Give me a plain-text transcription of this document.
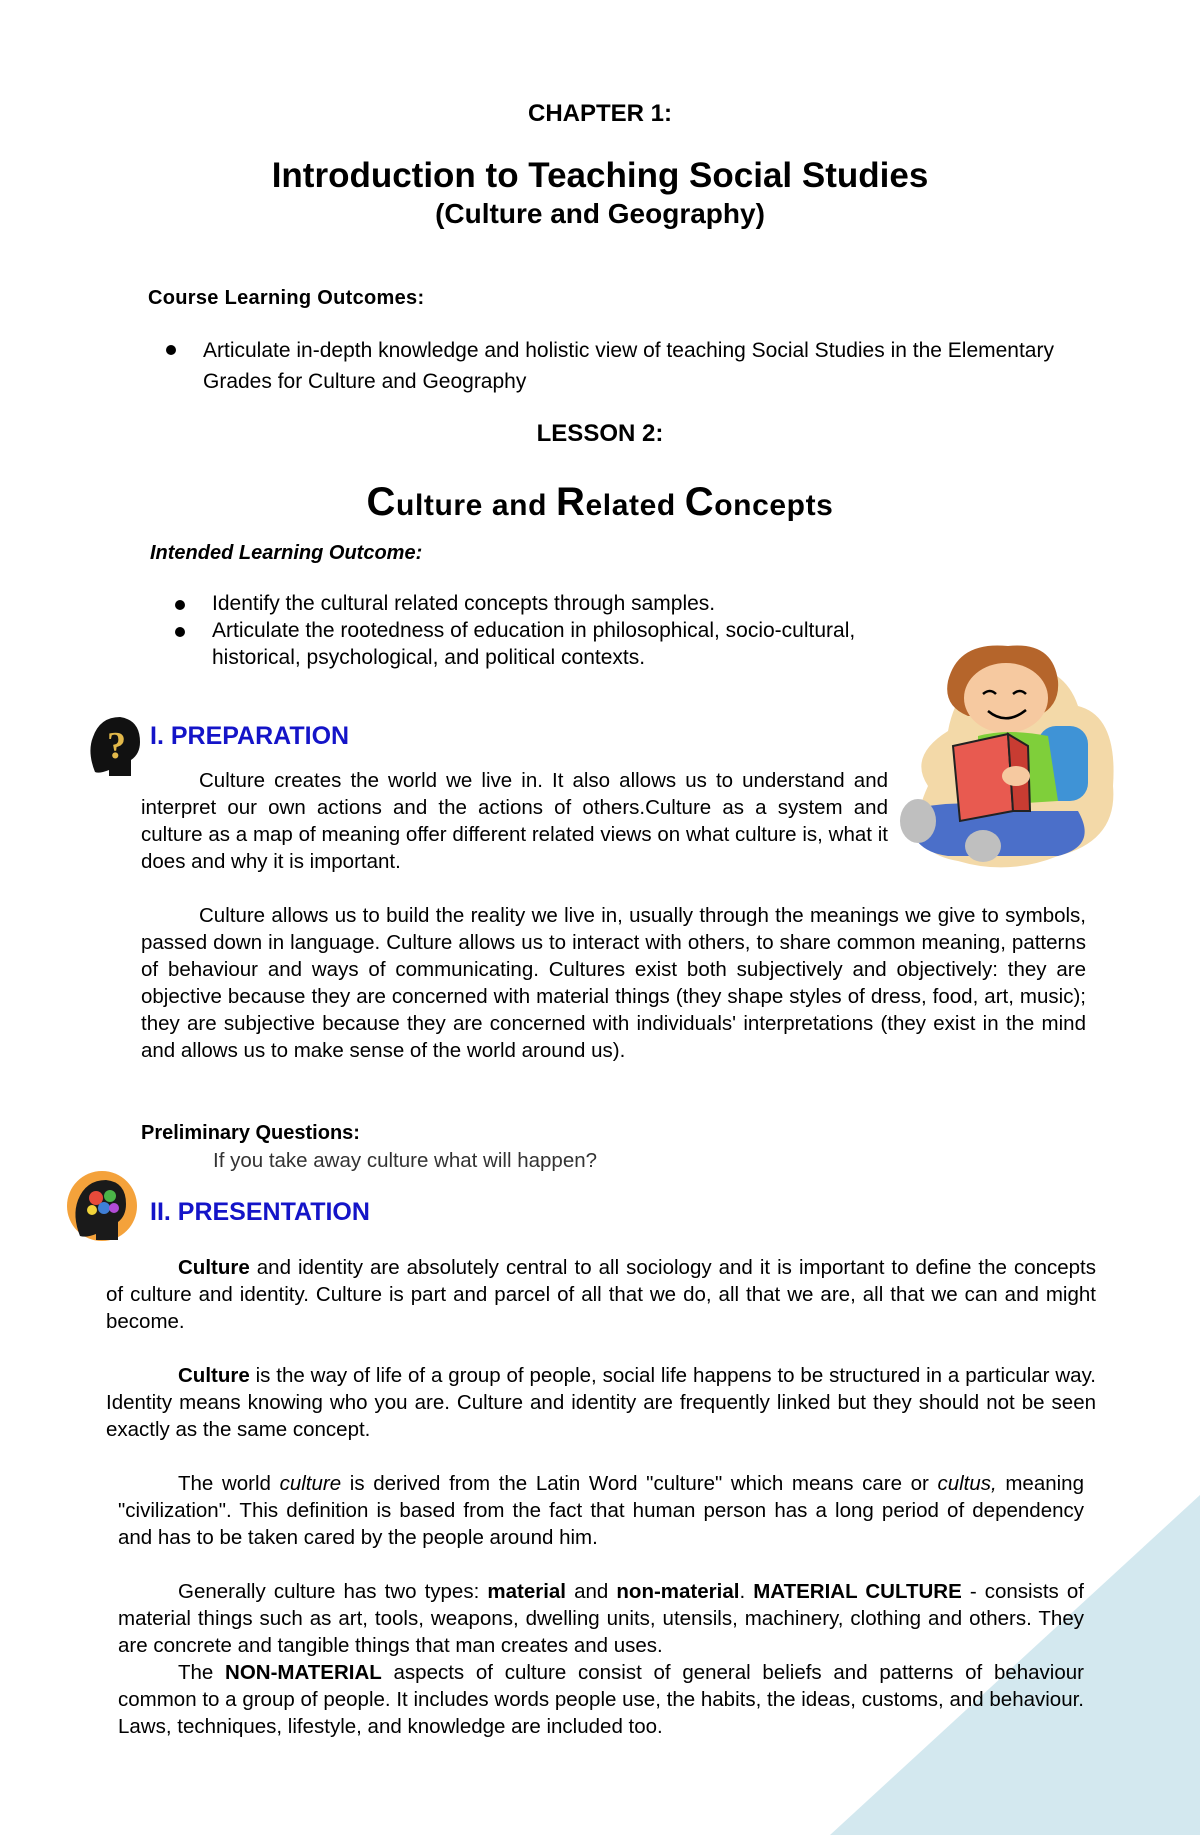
CHAPTER 1:
Introduction to Teaching Social Studies
(Culture and Geography)
Course Learning Outcomes:
Articulate in-depth knowledge and holistic view of teaching Social Studies in the Elementary Grades for Culture and Geography
LESSON 2:
Culture and Related Concepts
Intended Learning Outcome:
Identify the cultural related concepts through samples.
Articulate the rootedness of education in philosophical, socio-cultural, historical, psychological, and political contexts.
? I. PREPARATION
Culture creates the world we live in. It also allows us to understand and interpret our own actions and the actions of others.Culture as a system and culture as a map of meaning offer different related views on what culture is, what it does and why it is important.
Culture allows us to build the reality we live in, usually through the meanings we give to symbols, passed down in language. Culture allows us to interact with others, to share common meaning, patterns of behaviour and ways of communicating. Cultures exist both subjectively and objectively: they are objective because they are concerned with material things (they shape styles of dress, food, art, music); they are subjective because they are concerned with individuals' interpretations (they exist in the mind and allows us to make sense of the world around us).
Preliminary Questions:
If you take away culture what will happen?
II. PRESENTATION
Culture and identity are absolutely central to all sociology and it is important to define the concepts of culture and identity. Culture is part and parcel of all that we do, all that we are, all that we can and might become.
Culture is the way of life of a group of people, social life happens to be structured in a particular way. Identity means knowing who you are. Culture and identity are frequently linked but they should not be seen exactly as the same concept.
The world culture is derived from the Latin Word "culture" which means care or cultus, meaning "civilization". This definition is based from the fact that human person has a long period of dependency and has to be taken cared by the people around him.
Generally culture has two types: material and non-material. MATERIAL CULTURE - consists of material things such as art, tools, weapons, dwelling units, utensils, machinery, clothing and others. They are concrete and tangible things that man creates and uses.
The NON-MATERIAL aspects of culture consist of general beliefs and patterns of behaviour common to a group of people. It includes words people use, the habits, the ideas, customs, and behaviour. Laws, techniques, lifestyle, and knowledge are included too.
